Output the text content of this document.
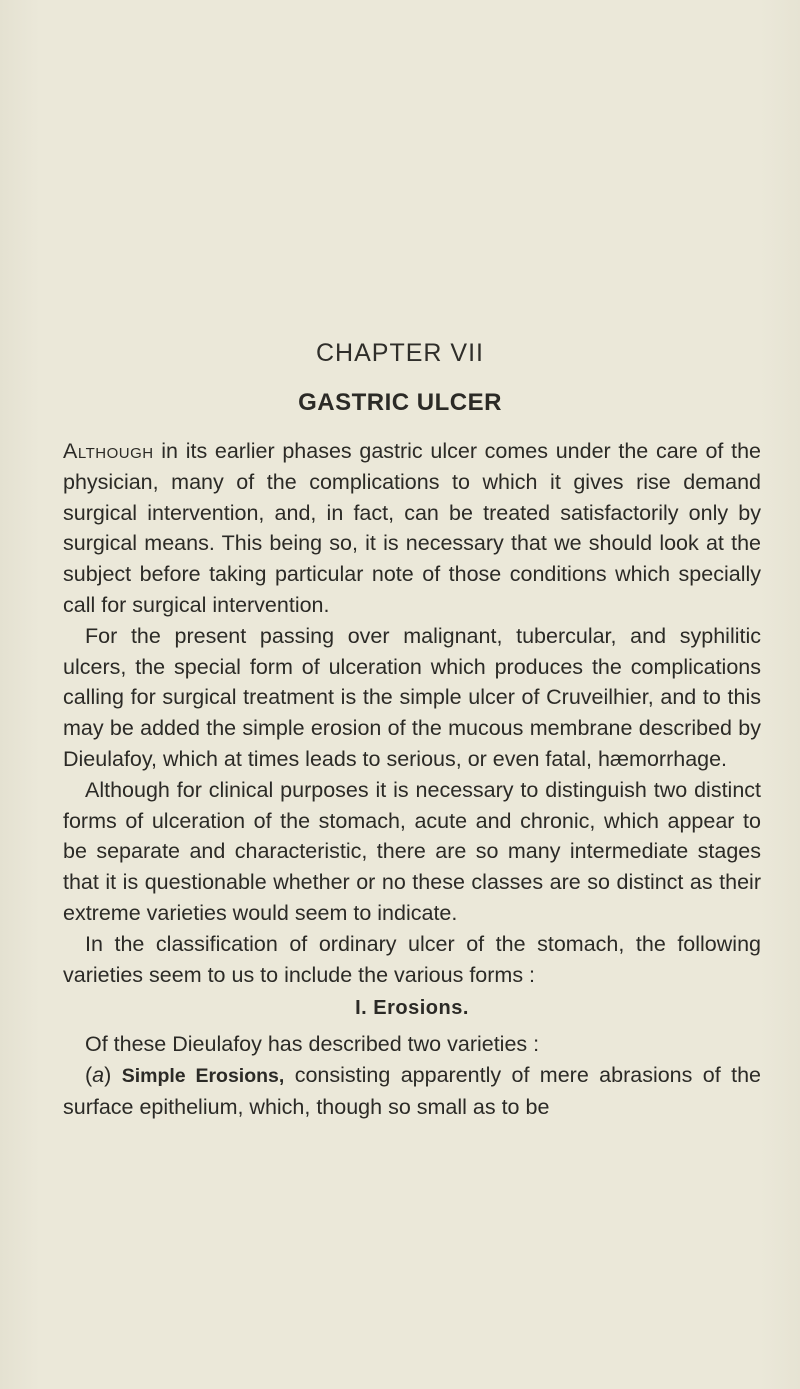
CHAPTER VII
GASTRIC ULCER

Although in its earlier phases gastric ulcer comes under the care of the physician, many of the complications to which it gives rise demand surgical intervention, and, in fact, can be treated satisfactorily only by surgical means. This being so, it is necessary that we should look at the subject before taking particular note of those conditions which specially call for surgical intervention.

For the present passing over malignant, tubercular, and syphilitic ulcers, the special form of ulceration which produces the complications calling for surgical treatment is the simple ulcer of Cruveilhier, and to this may be added the simple erosion of the mucous membrane described by Dieulafoy, which at times leads to serious, or even fatal, hæmorrhage.

Although for clinical purposes it is necessary to distinguish two distinct forms of ulceration of the stomach, acute and chronic, which appear to be separate and characteristic, there are so many intermediate stages that it is questionable whether or no these classes are so distinct as their extreme varieties would seem to indicate.

In the classification of ordinary ulcer of the stomach, the following varieties seem to us to include the various forms :

I. Erosions.

Of these Dieulafoy has described two varieties :

(a) Simple Erosions, consisting apparently of mere abrasions of the surface epithelium, which, though so small as to be
